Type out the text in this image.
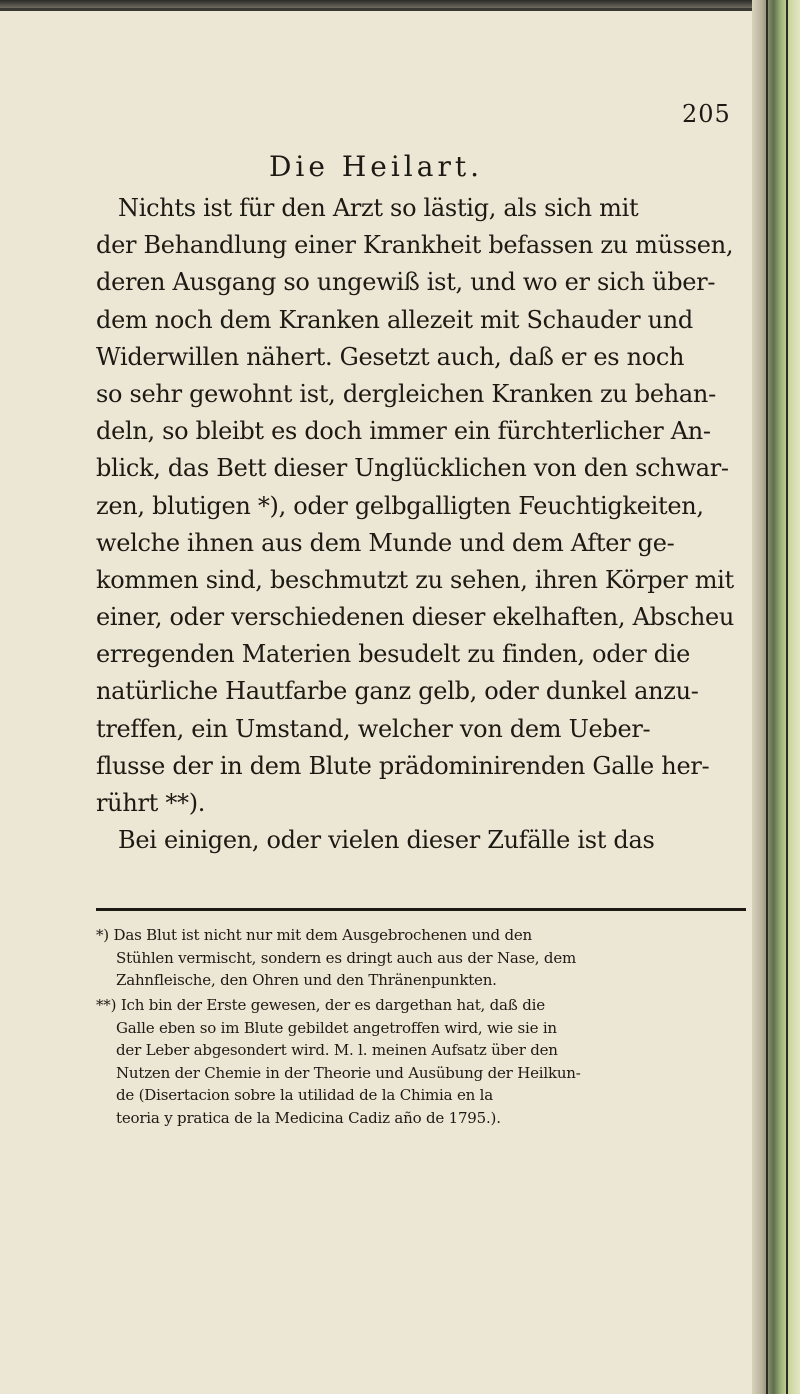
205
Die Heilart.
Nichts ist für den Arzt so lästig, als sich mit
der Behandlung einer Krankheit befassen zu müssen,
deren Ausgang so ungewiß ist, und wo er sich über-
dem noch dem Kranken allezeit mit Schauder und
Widerwillen nähert. Gesetzt auch, daß er es noch
so sehr gewohnt ist, dergleichen Kranken zu behan-
deln, so bleibt es doch immer ein fürchterlicher An-
blick, das Bett dieser Unglücklichen von den schwar-
zen, blutigen *), oder gelbgalligten Feuchtigkeiten,
welche ihnen aus dem Munde und dem After ge-
kommen sind, beschmutzt zu sehen, ihren Körper mit
einer, oder verschiedenen dieser ekelhaften, Abscheu
erregenden Materien besudelt zu finden, oder die
natürliche Hautfarbe ganz gelb, oder dunkel anzu-
treffen, ein Umstand, welcher von dem Ueber-
flusse der in dem Blute prädominirenden Galle her-
rührt **).
Bei einigen, oder vielen dieser Zufälle ist das
*) Das Blut ist nicht nur mit dem Ausgebrochenen und den
Stühlen vermischt, sondern es dringt auch aus der Nase, dem
Zahnfleische, den Ohren und den Thränenpunkten.
**) Ich bin der Erste gewesen, der es dargethan hat, daß die
Galle eben so im Blute gebildet angetroffen wird, wie sie in
der Leber abgesondert wird. M. l. meinen Aufsatz über den
Nutzen der Chemie in der Theorie und Ausübung der Heilkun-
de (Disertacion sobre la utilidad de la Chimia en la
teoria y pratica de la Medicina Cadiz año de 1795.).
